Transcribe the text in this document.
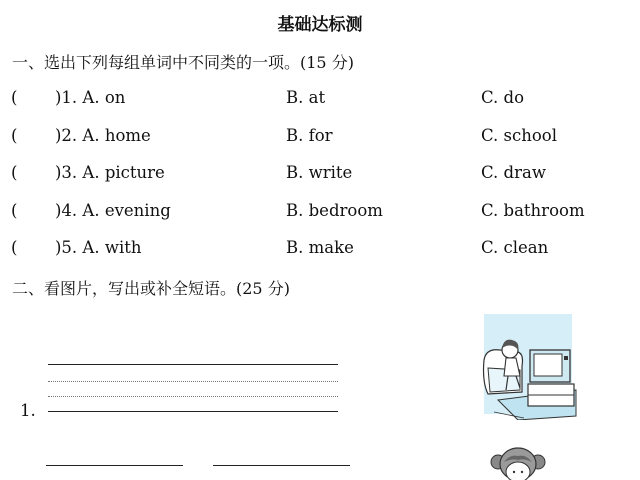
基础达标测
一、选出下列每组单词中不同类的一项。(15 分)
( )1. A. on	B. at	C. do
( )2. A. home	B. for	C. school
( )3. A. picture	B. write	C. draw
( )4. A. evening	B. bedroom	C. bathroom
( )5. A. with	B. make	C. clean
二、看图片，写出或补全短语。(25 分)
1.
